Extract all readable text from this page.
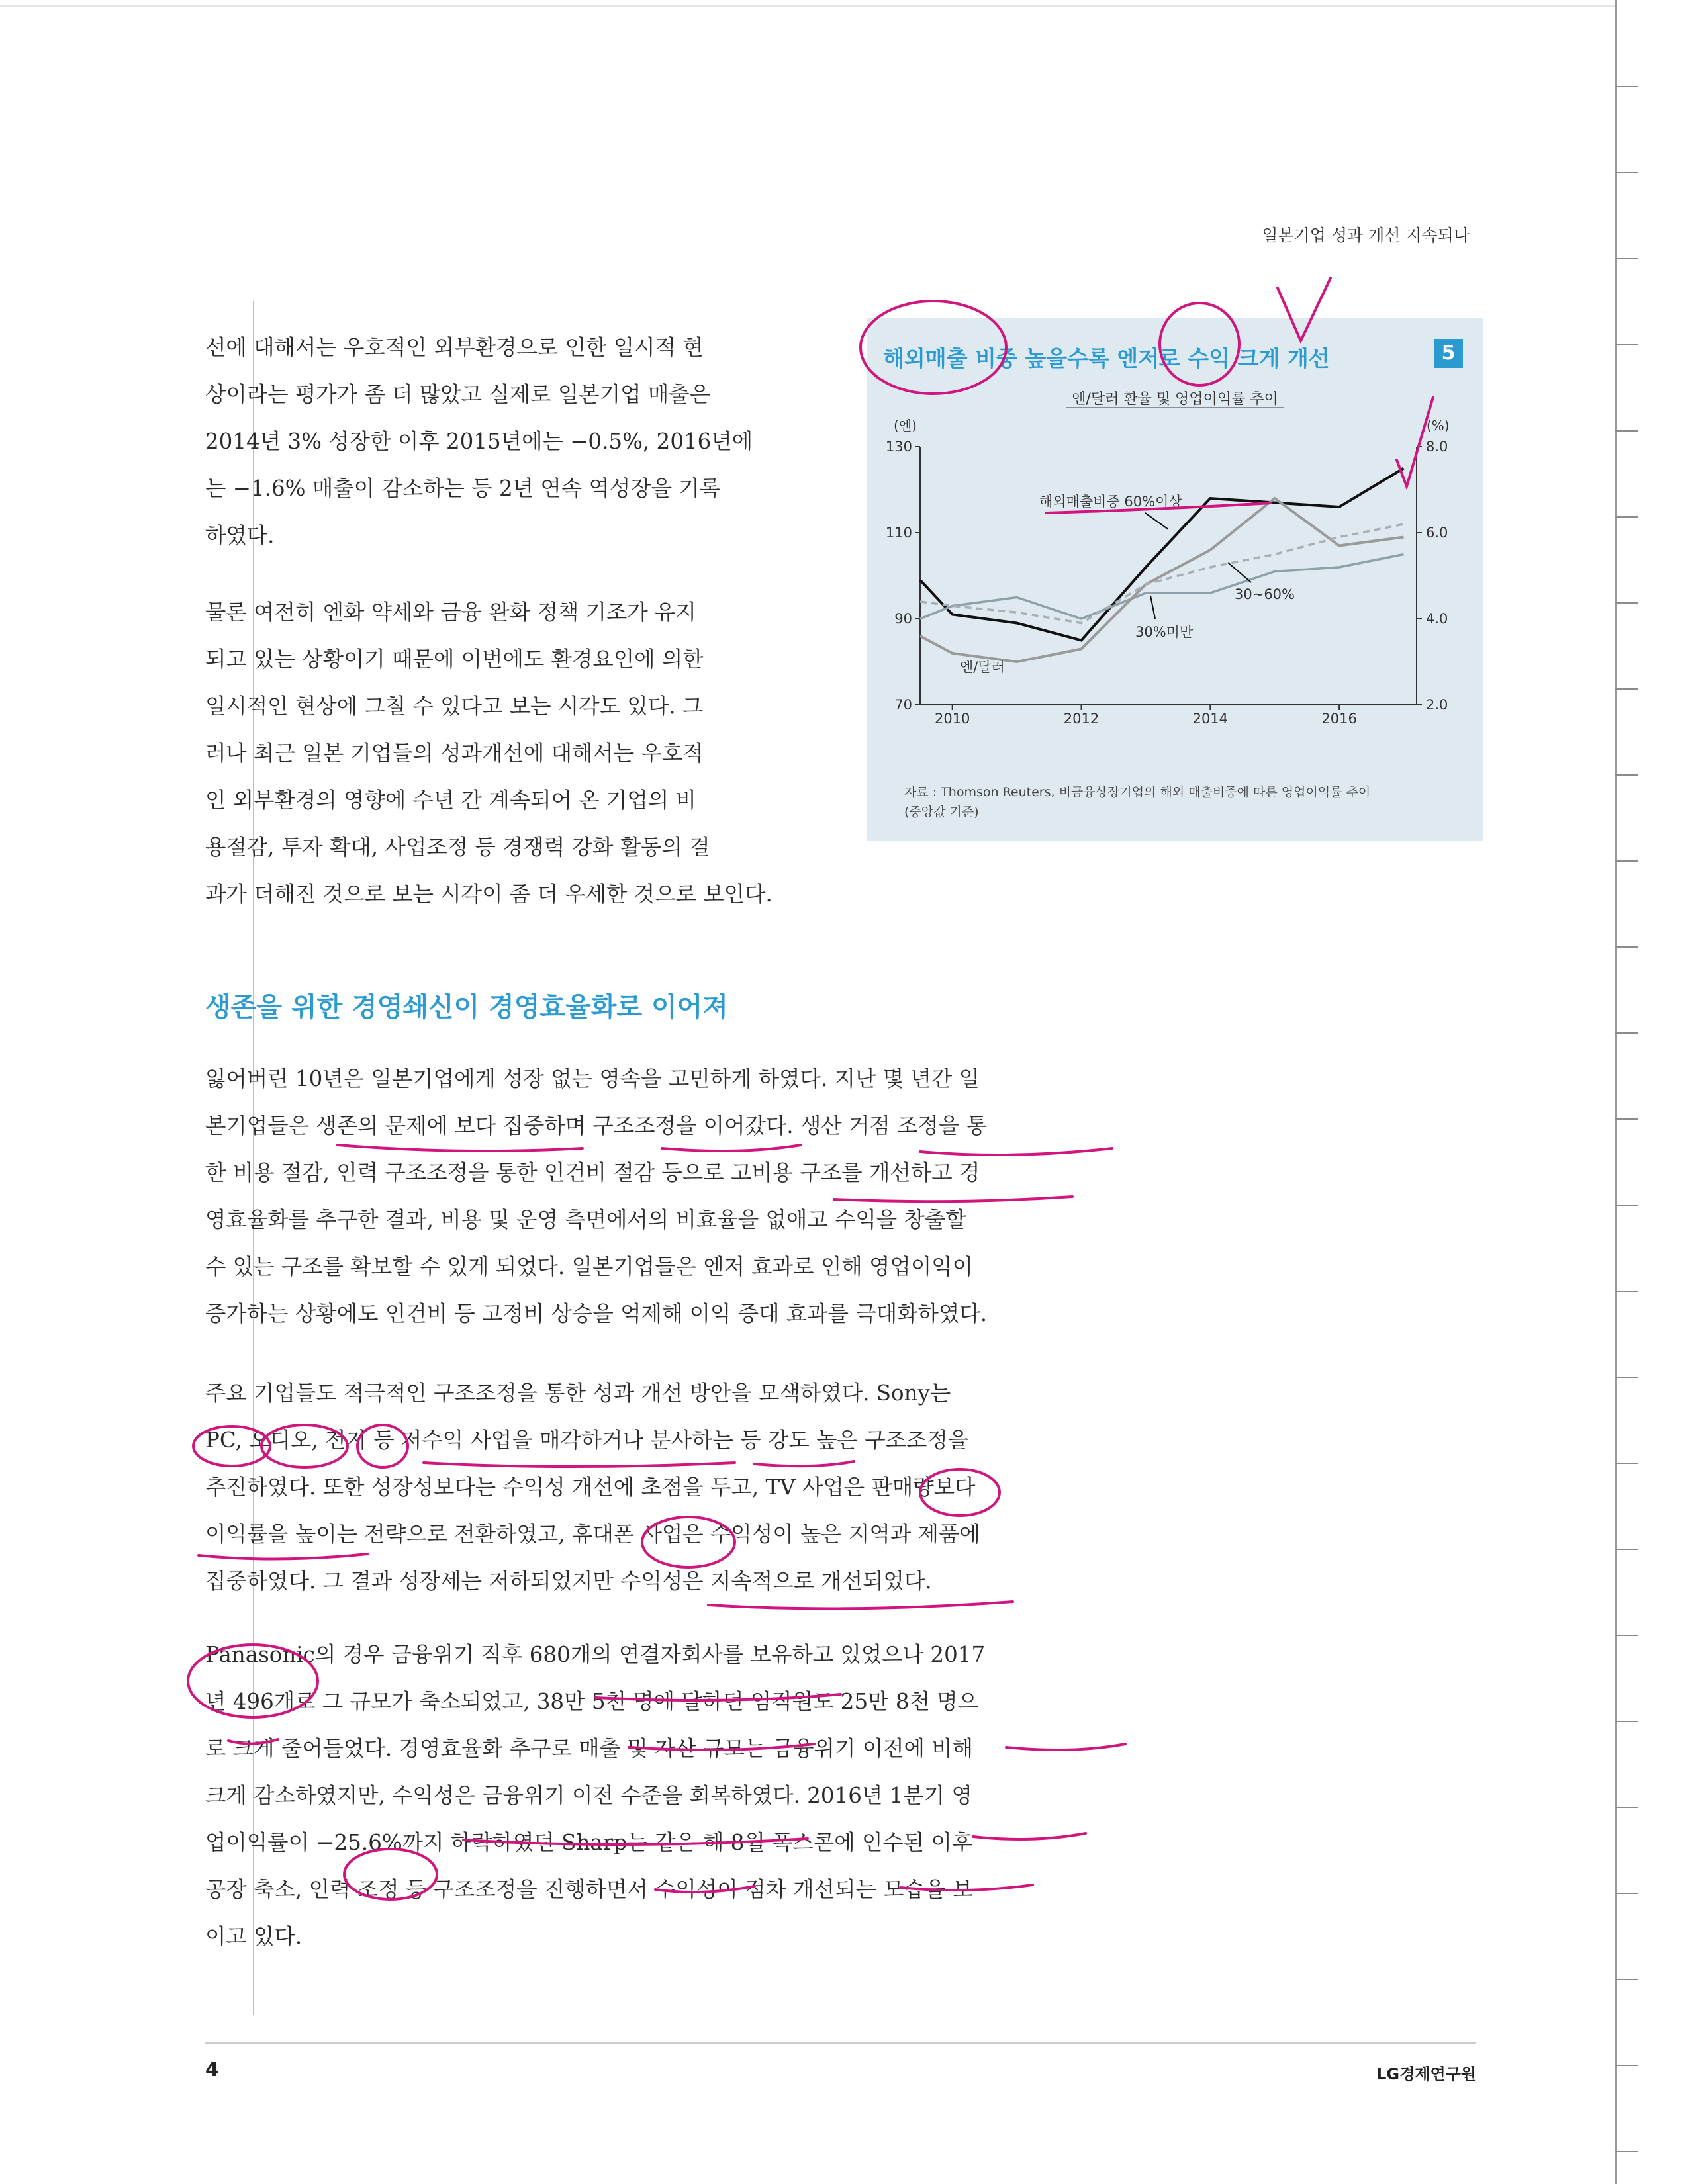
일본기업 성과 개선 지속되나
선에 대해서는 우호적인 외부환경으로 인한 일시적 현
상이라는 평가가 좀 더 많았고 실제로 일본기업 매출은
2014년 3% 성장한 이후 2015년에는 −0.5%, 2016년에
는 −1.6% 매출이 감소하는 등 2년 연속 역성장을 기록
하였다.
물론 여전히 엔화 약세와 금융 완화 정책 기조가 유지
되고 있는 상황이기 때문에 이번에도 환경요인에 의한
일시적인 현상에 그칠 수 있다고 보는 시각도 있다. 그
러나 최근 일본 기업들의 성과개선에 대해서는 우호적
인 외부환경의 영향에 수년 간 계속되어 온 기업의 비
용절감, 투자 확대, 사업조정 등 경쟁력 강화 활동의 결
과가 더해진 것으로 보는 시각이 좀 더 우세한 것으로 보인다.
해외매출 비중 높을수록 엔저로 수익 크게 개선	5
엔/달러 환율 및 영업이익률 추이
(엔)	(%)
130
110
90
70
8.0
6.0
4.0
2.0
2010	2012	2014	2016
해외매출비중 60%이상
30~60%
30%미만
엔/달러
자료 : Thomson Reuters, 비금융상장기업의 해외 매출비중에 따른 영업이익률 추이
(중앙값 기준)
생존을 위한 경영쇄신이 경영효율화로 이어져
잃어버린 10년은 일본기업에게 성장 없는 영속을 고민하게 하였다. 지난 몇 년간 일
본기업들은 생존의 문제에 보다 집중하며 구조조정을 이어갔다. 생산 거점 조정을 통
한 비용 절감, 인력 구조조정을 통한 인건비 절감 등으로 고비용 구조를 개선하고 경
영효율화를 추구한 결과, 비용 및 운영 측면에서의 비효율을 없애고 수익을 창출할
수 있는 구조를 확보할 수 있게 되었다. 일본기업들은 엔저 효과로 인해 영업이익이
증가하는 상황에도 인건비 등 고정비 상승을 억제해 이익 증대 효과를 극대화하였다.
주요 기업들도 적극적인 구조조정을 통한 성과 개선 방안을 모색하였다. Sony는
PC, 오디오, 전지 등 저수익 사업을 매각하거나 분사하는 등 강도 높은 구조조정을
추진하였다. 또한 성장성보다는 수익성 개선에 초점을 두고, TV 사업은 판매량보다
이익률을 높이는 전략으로 전환하였고, 휴대폰 사업은 수익성이 높은 지역과 제품에
집중하였다. 그 결과 성장세는 저하되었지만 수익성은 지속적으로 개선되었다.
Panasonic의 경우 금융위기 직후 680개의 연결자회사를 보유하고 있었으나 2017
년 496개로 그 규모가 축소되었고, 38만 5천 명에 달하던 임직원도 25만 8천 명으
로 크게 줄어들었다. 경영효율화 추구로 매출 및 자산 규모는 금융위기 이전에 비해
크게 감소하였지만, 수익성은 금융위기 이전 수준을 회복하였다. 2016년 1분기 영
업이익률이 −25.6%까지 하락하였던 Sharp는 같은 해 8월 폭스콘에 인수된 이후
공장 축소, 인력 조정 등 구조조정을 진행하면서 수익성이 점차 개선되는 모습을 보
이고 있다.
4	LG경제연구원
